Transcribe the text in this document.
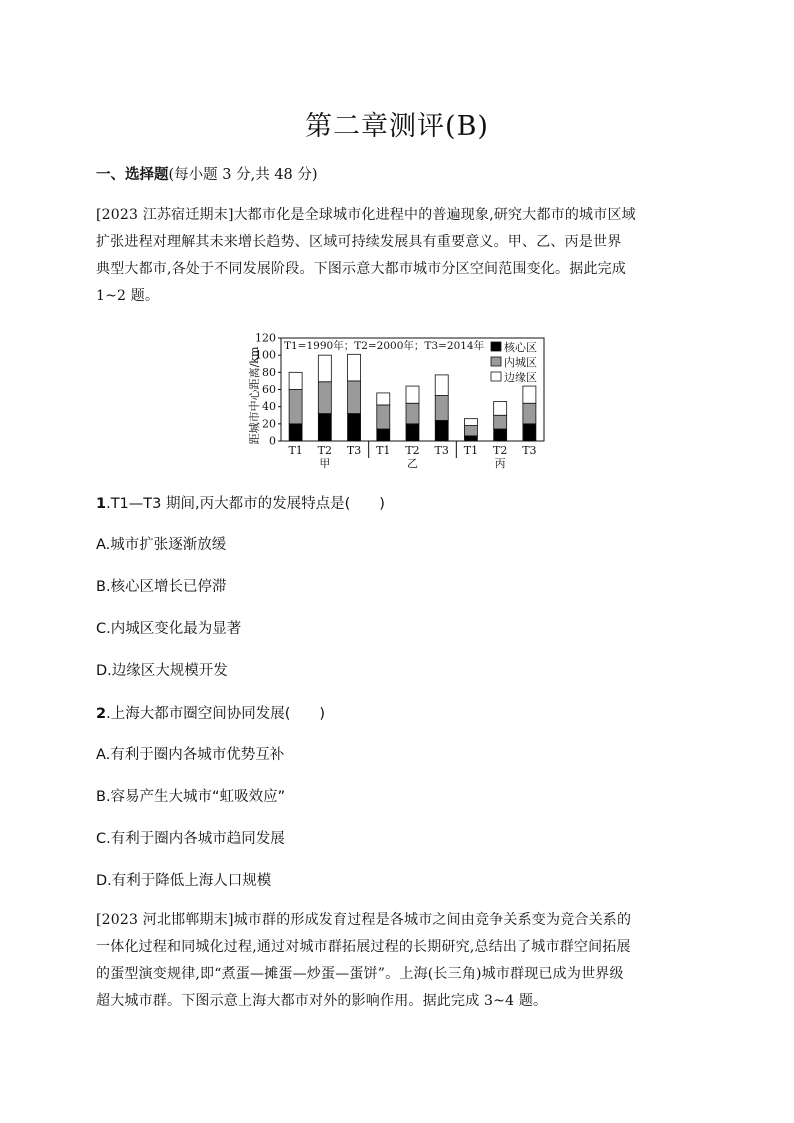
第二章测评(B)
一、选择题(每小题 3 分,共 48 分)
[2023 江苏宿迁期末]大都市化是全球城市化进程中的普遍现象,研究大都市的城市区域
扩张进程对理解其未来增长趋势、区域可持续发展具有重要意义。甲、乙、丙是世界
典型大都市,各处于不同发展阶段。下图示意大都市城市分区空间范围变化。据此完成
1~2 题。
0
20
40
60
80
100
120
距城市中心距离/km
T1 T2 T3 T1 T2 T3 T1 T2 T3
甲	乙	丙
T1=1990年；T2=2000年；T3=2014年 核心区
内城区
边缘区
1.T1—T3 期间,丙大都市的发展特点是(　　)
A.城市扩张逐渐放缓
B.核心区增长已停滞
C.内城区变化最为显著
D.边缘区大规模开发
2.上海大都市圈空间协同发展(　　)
A.有利于圈内各城市优势互补
B.容易产生大城市“虹吸效应”
C.有利于圈内各城市趋同发展
D.有利于降低上海人口规模
[2023 河北邯郸期末]城市群的形成发育过程是各城市之间由竞争关系变为竞合关系的
一体化过程和同城化过程,通过对城市群拓展过程的长期研究,总结出了城市群空间拓展
的蛋型演变规律,即“煮蛋—摊蛋—炒蛋—蛋饼”。上海(长三角)城市群现已成为世界级
超大城市群。下图示意上海大都市对外的影响作用。据此完成 3~4 题。
